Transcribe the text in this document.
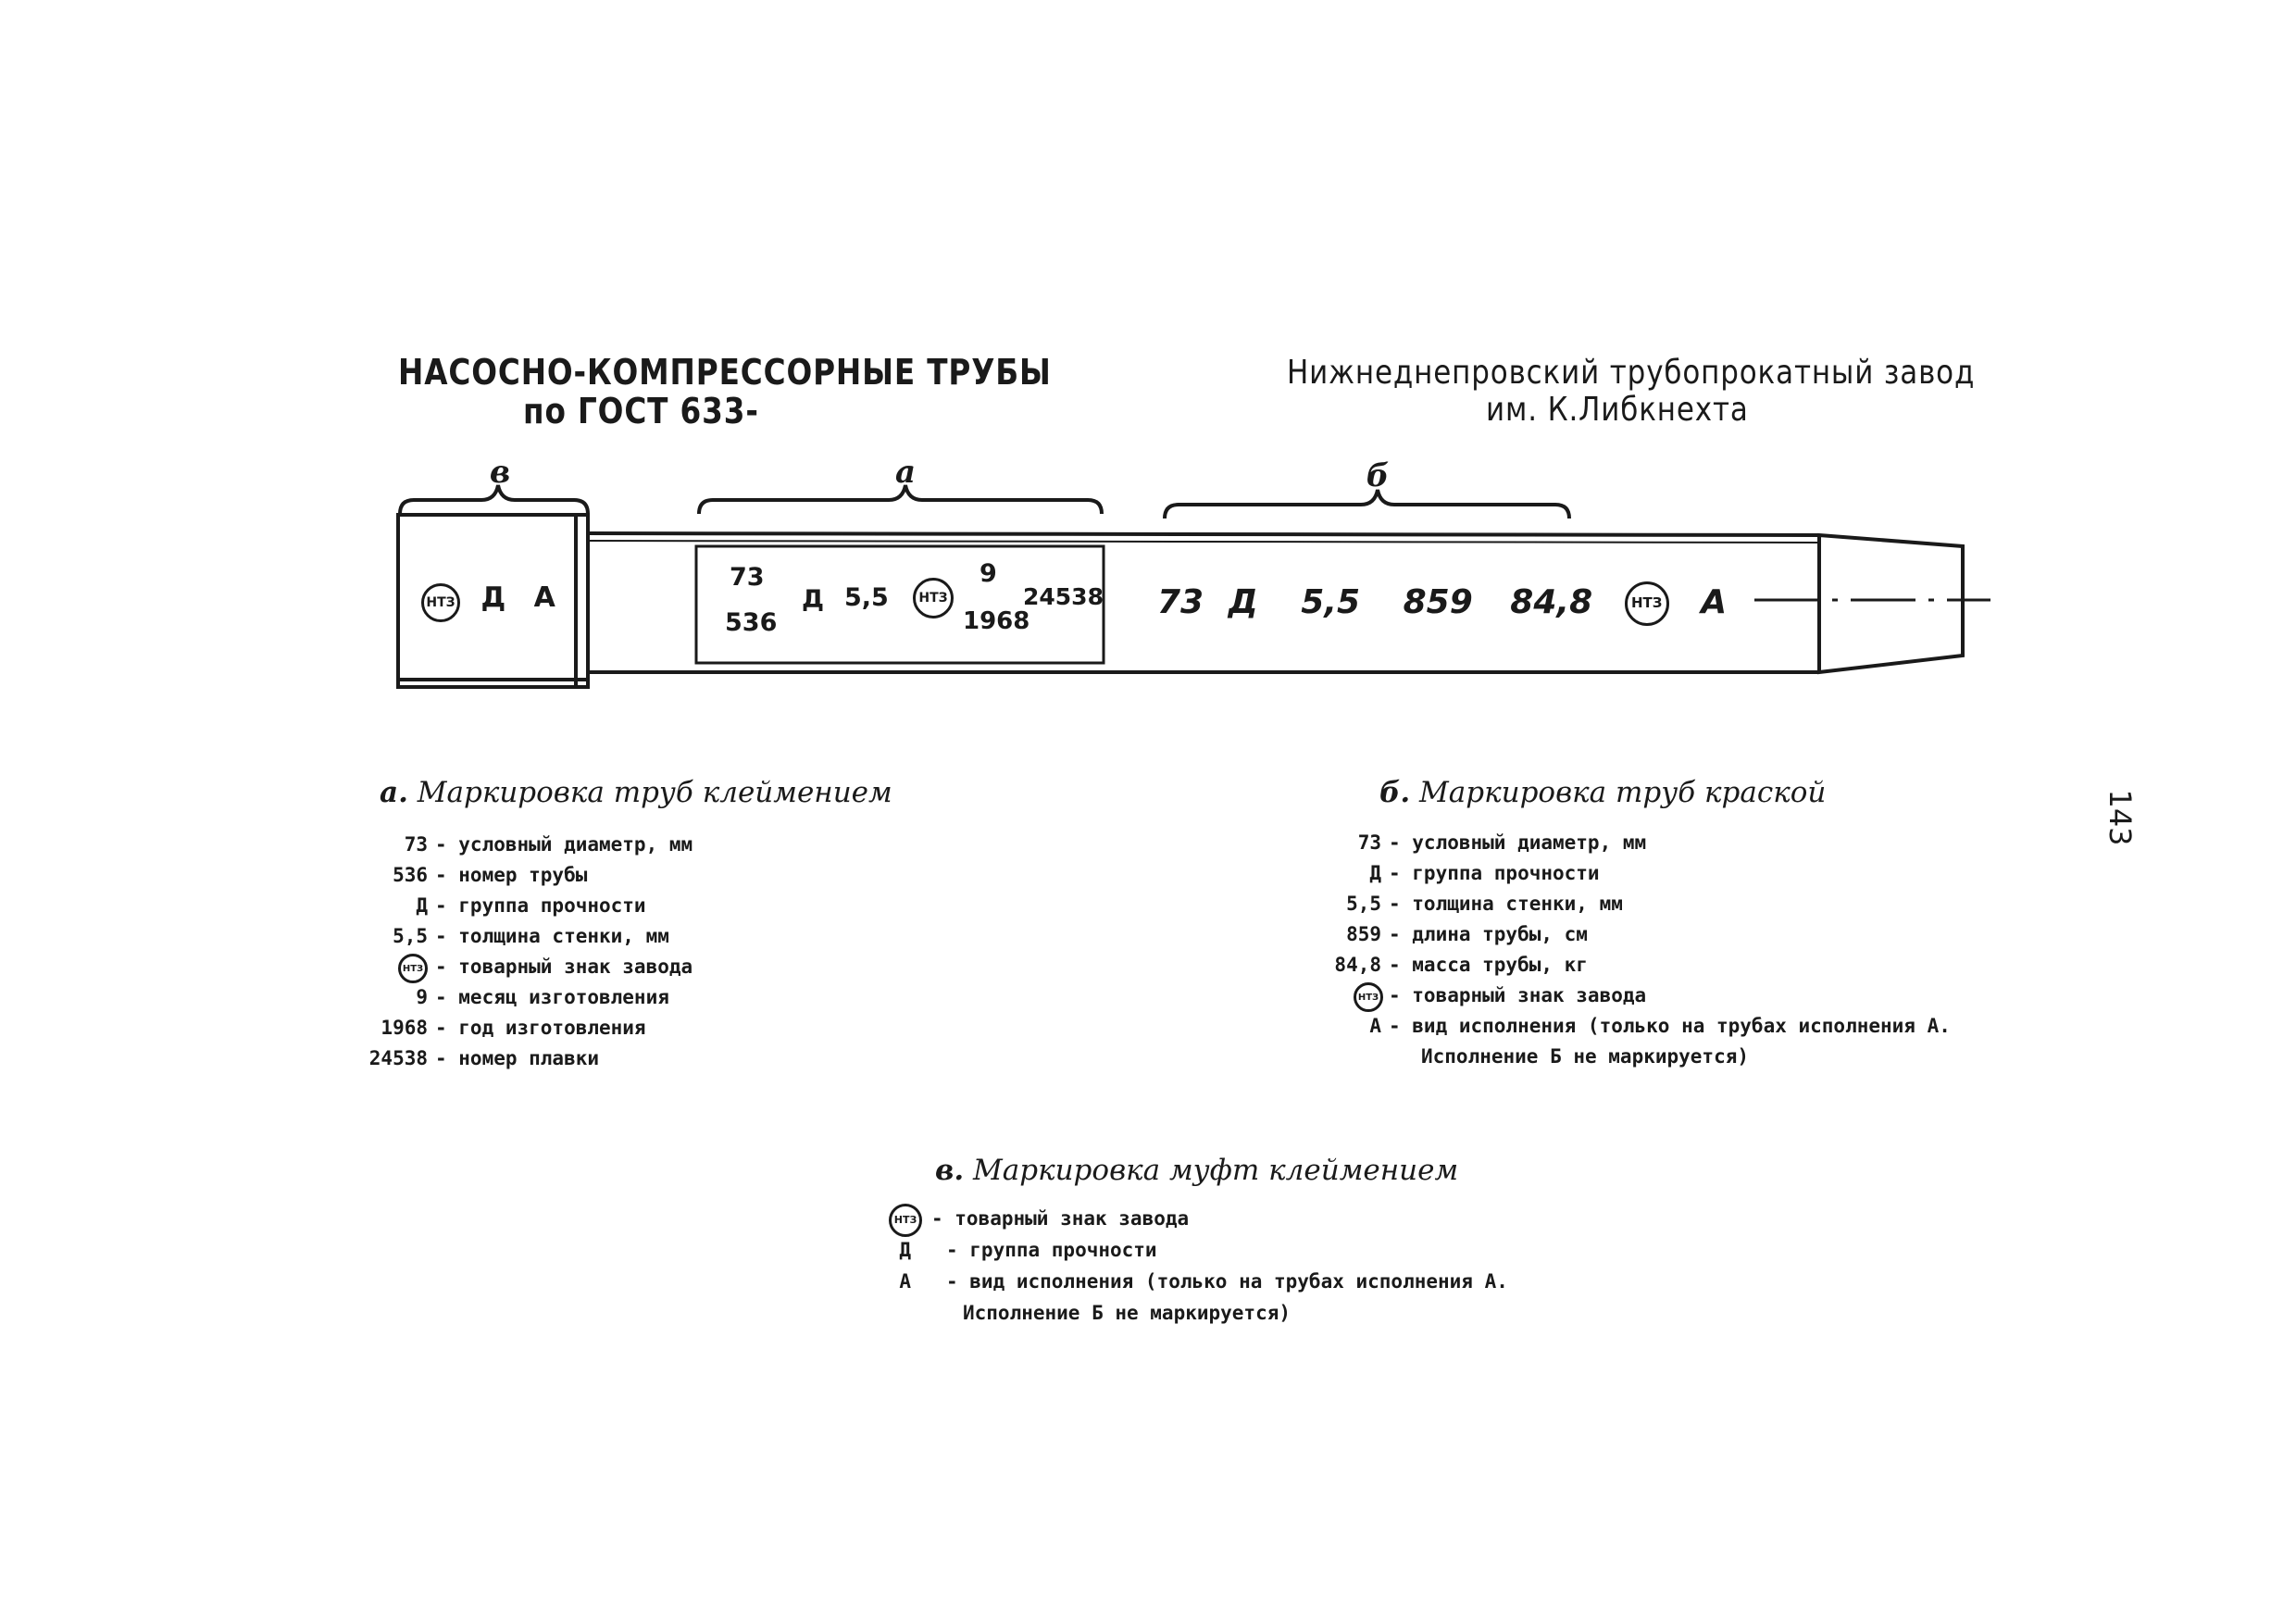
НАСОСНО-КОМПРЕССОРНЫЕ ТРУБЫ
по ГОСТ 633-
Нижнеднепровский трубопрокатный завод
им. К.Либкнехта
в	а	б
НТЗ Д А
73
536
Д 5,5	НТЗ
9
1968
24538 73 Д 5,5 859 84,8	НТЗ А
а. Маркировка труб клеймением
73 - условный диаметр, мм
536 - номер трубы
Д - группа прочности
5,5 - толщина стенки, мм
НТЗ - товарный знак завода
9 - месяц изготовления
1968 - год изготовления
24538 - номер плавки
б. Маркировка труб краской
73 - условный диаметр, мм
Д - группа прочности
5,5 - толщина стенки, мм
859 - длина трубы, см
84,8 - масса трубы, кг
НТЗ - товарный знак завода
А - вид исполнения (только на трубах исполнения А.
Исполнение Б не маркируется)
в. Маркировка муфт клеймением
НТЗ - товарный знак завода
Д - группа прочности
А - вид исполнения (только на трубах исполнения А.
Исполнение Б не маркируется)
143
